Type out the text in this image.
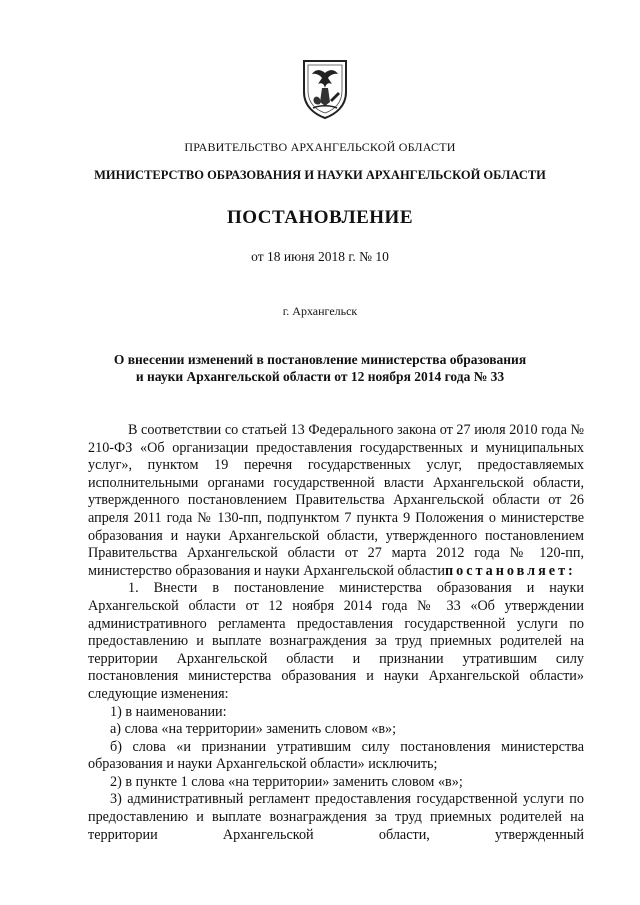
ПРАВИТЕЛЬСТВО АРХАНГЕЛЬСКОЙ ОБЛАСТИ
МИНИСТЕРСТВО ОБРАЗОВАНИЯ И НАУКИ АРХАНГЕЛЬСКОЙ ОБЛАСТИ
ПОСТАНОВЛЕНИЕ
от 18 июня 2018 г. № 10
г. Архангельск
О внесении изменений в постановление министерства образования
и науки Архангельской области от 12 ноября 2014 года № 33

В соответствии со статьей 13 Федерального закона от 27 июля 2010 года № 210-ФЗ «Об организации предоставления государственных и муниципальных услуг», пунктом 19 перечня государственных услуг, предоставляемых исполнительными органами государственной власти Архангельской области, утвержденного постановлением Правительства Архангельской области от 26 апреля 2011 года № 130-пп, подпунктом 7 пункта 9 Положения о министерстве образования и науки Архангельской области, утвержденного постановлением Правительства Архангельской области от 27 марта 2012 года № 120-пп, министерство образования и науки Архангельской областипостановляет:

1. Внести в постановление министерства образования и науки Архангельской области от 12 ноября 2014 года № 33 «Об утверждении административного регламента предоставления государственной услуги по предоставлению и выплате вознаграждения за труд приемных родителей на территории Архангельской области и признании утратившим силу постановления министерства образования и науки Архангельской области» следующие изменения:

1) в наименовании:

а) слова «на территории» заменить словом «в»;

б) слова «и признании утратившим силу постановления министерства образования и науки Архангельской области» исключить;

2) в пункте 1 слова «на территории» заменить словом «в»;

3) административный регламент предоставления государственной услуги по предоставлению и выплате вознаграждения за труд приемных родителей на территории Архангельской области, утвержденный
